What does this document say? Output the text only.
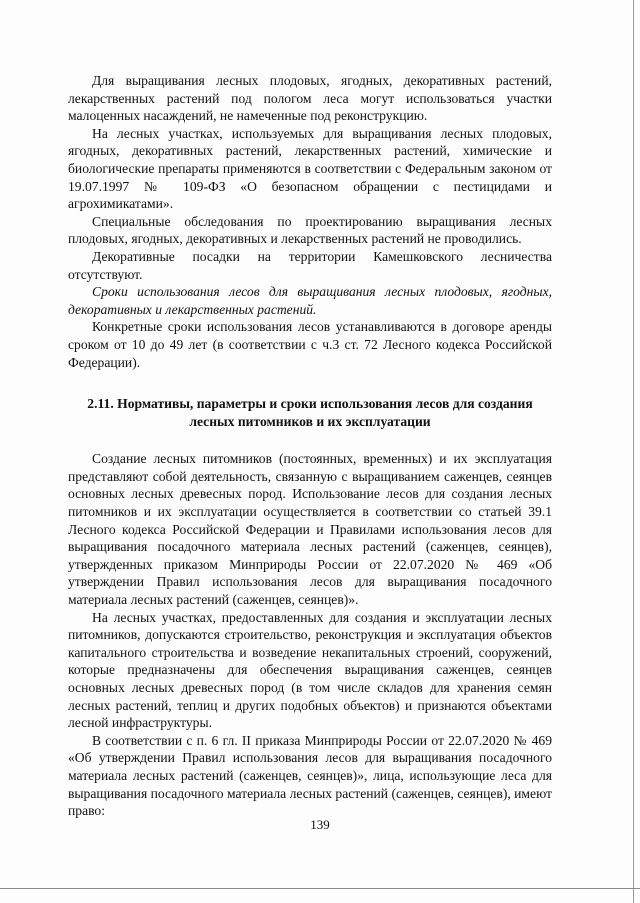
Для выращивания лесных плодовых, ягодных, декоративных растений, лекарственных растений под пологом леса могут использоваться участки малоценных насаждений, не намеченные под реконструкцию.

На лесных участках, используемых для выращивания лесных плодовых, ягодных, декоративных растений, лекарственных растений, химические и биологические препараты применяются в соответствии с Федеральным законом от 19.07.1997 № 109-ФЗ «О безопасном обращении с пестицидами и агрохимикатами».

Специальные обследования по проектированию выращивания лесных плодовых, ягодных, декоративных и лекарственных растений не проводились.

Декоративные посадки на территории Камешковского лесничества отсутствуют.

Сроки использования лесов для выращивания лесных плодовых, ягодных, декоративных и лекарственных растений.

Конкретные сроки использования лесов устанавливаются в договоре аренды сроком от 10 до 49 лет (в соответствии с ч.3 ст. 72 Лесного кодекса Российской Федерации).

2.11. Нормативы, параметры и сроки использования лесов для создания лесных питомников и их эксплуатации

Создание лесных питомников (постоянных, временных) и их эксплуатация представляют собой деятельность, связанную с выращиванием саженцев, сеянцев основных лесных древесных пород. Использование лесов для создания лесных питомников и их эксплуатации осуществляется в соответствии со статьей 39.1 Лесного кодекса Российской Федерации и Правилами использования лесов для выращивания посадочного материала лесных растений (саженцев, сеянцев), утвержденных приказом Минприроды России от 22.07.2020 № 469 «Об утверждении Правил использования лесов для выращивания посадочного материала лесных растений (саженцев, сеянцев)».

На лесных участках, предоставленных для создания и эксплуатации лесных питомников, допускаются строительство, реконструкция и эксплуатация объектов капитального строительства и возведение некапитальных строений, сооружений, которые предназначены для обеспечения выращивания саженцев, сеянцев основных лесных древесных пород (в том числе складов для хранения семян лесных растений, теплиц и других подобных объектов) и признаются объектами лесной инфраструктуры.

В соответствии с п. 6 гл. II приказа Минприроды России от 22.07.2020 № 469 «Об утверждении Правил использования лесов для выращивания посадочного материала лесных растений (саженцев, сеянцев)», лица, использующие леса для выращивания посадочного материала лесных растений (саженцев, сеянцев), имеют право:

139
